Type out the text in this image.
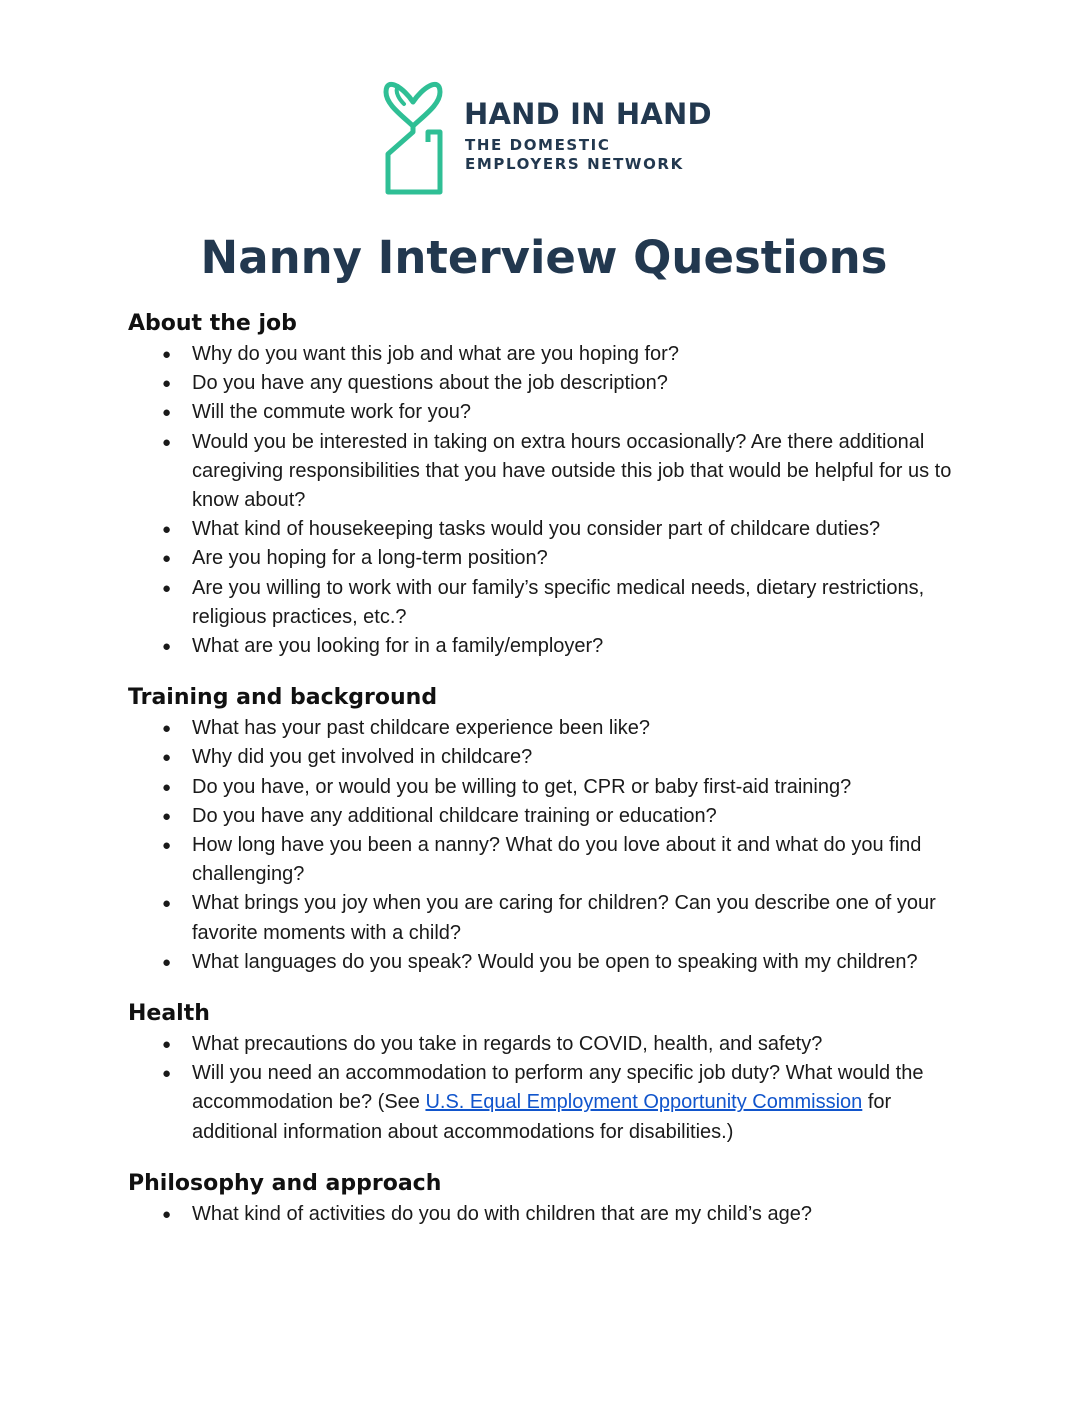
HAND IN HAND
THE DOMESTIC
EMPLOYERS NETWORK
Nanny Interview Questions
About the job
● Why do you want this job and what are you hoping for?
● Do you have any questions about the job description?
● Will the commute work for you?
● Would you be interested in taking on extra hours occasionally? Are there additional caregiving responsibilities that you have outside this job that would be helpful for us to know about?
● What kind of housekeeping tasks would you consider part of childcare duties?
● Are you hoping for a long-term position?
● Are you willing to work with our family’s specific medical needs, dietary restrictions, religious practices, etc.?
● What are you looking for in a family/employer?
Training and background
● What has your past childcare experience been like?
● Why did you get involved in childcare?
● Do you have, or would you be willing to get, CPR or baby first-aid training?
● Do you have any additional childcare training or education?
● How long have you been a nanny? What do you love about it and what do you find challenging?
● What brings you joy when you are caring for children? Can you describe one of your favorite moments with a child?
● What languages do you speak? Would you be open to speaking with my children?
Health
● What precautions do you take in regards to COVID, health, and safety?
● Will you need an accommodation to perform any specific job duty? What would the accommodation be? (See U.S. Equal Employment Opportunity Commission for additional information about accommodations for disabilities.)
Philosophy and approach
● What kind of activities do you do with children that are my child’s age?
